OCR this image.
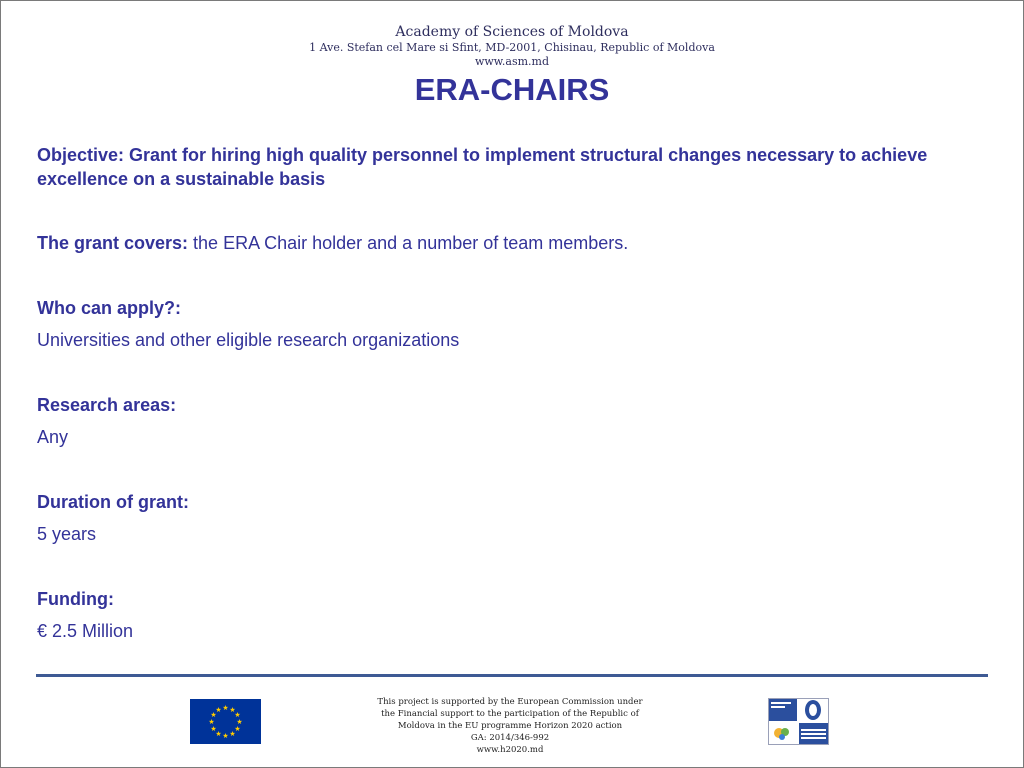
Academy of Sciences of Moldova
1 Ave. Stefan cel Mare si Sfint, MD-2001, Chisinau, Republic of Moldova
www.asm.md
ERA-CHAIRS

Objective: Grant for hiring high quality personnel to implement structural changes necessary to achieve excellence on a sustainable basis

The grant covers: the ERA Chair holder and a number of team members.

Who can apply?:

Universities and other eligible research organizations

Research areas:

Any

Duration of grant:

5 years

Funding:

€ 2.5 Million

★ ★
★
★
★
★
★
★
★
★
★
★
This project is supported by the European Commission under
the Financial support to the participation of the Republic of
Moldova in the EU programme Horizon 2020 action
GA: 2014/346-992
www.h2020.md
